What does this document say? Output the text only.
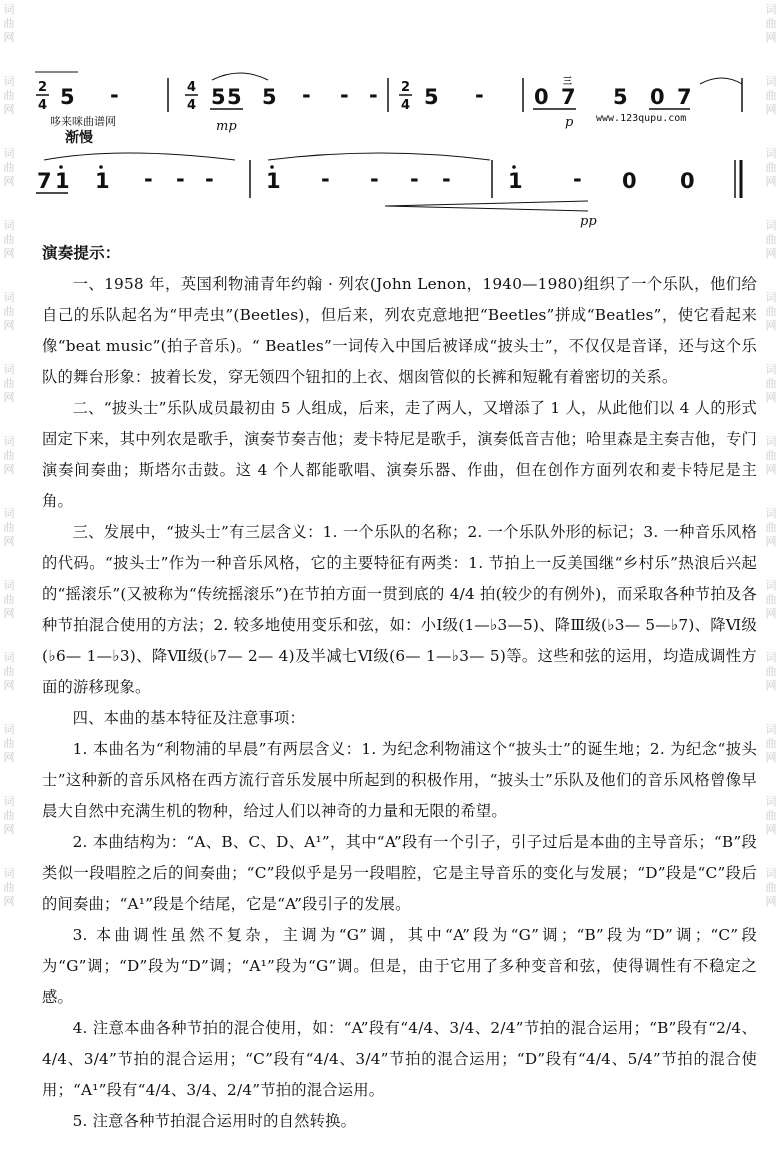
词
曲
网
词
曲
网
词
曲
网
词
曲
网
词
曲
网
词
曲
网
词
曲
网
词
曲
网
词
曲
网
词
曲
网
词
曲
网
词
曲
网
词
曲
网
词
曲
网
词
曲
网
词
曲
网
词
曲
网
词
曲
网
词
曲
网
词
曲
网
词
曲
网
词
曲
网
词
曲
网
词
曲
网
词
曲
网
词
曲
网
2
4 5 -
哆来咪曲谱网
4
4 5 5 5 - - -
mp
2
4 5 - 0
三
7 5 0 7
p www.123qupu.com
渐慢
7 1 1 - - - 1 - - - -	1 - 0 0
pp
演奏提示：

一、1958 年，英国利物浦青年约翰 · 列农(John Lenon，1940—1980)组织了一个乐队，他们给自己的乐队起名为“甲壳虫”(Beetles)，但后来，列农克意地把“Beetles”拼成“Beatles”，使它看起来像“beat music”(拍子音乐)。“ Beatles”一词传入中国后被译成“披头士”，不仅仅是音译，还与这个乐队的舞台形象：披着长发，穿无领四个钮扣的上衣、烟囱管似的长裤和短靴有着密切的关系。

二、“披头士”乐队成员最初由 5 人组成，后来，走了两人，又增添了 1 人，从此他们以 4 人的形式固定下来，其中列农是歌手，演奏节奏吉他；麦卡特尼是歌手，演奏低音吉他；哈里森是主奏吉他，专门演奏间奏曲；斯塔尔击鼓。这 4 个人都能歌唱、演奏乐器、作曲，但在创作方面列农和麦卡特尼是主角。

三、发展中，“披头士”有三层含义：1. 一个乐队的名称；2. 一个乐队外形的标记；3. 一种音乐风格的代码。“披头士”作为一种音乐风格，它的主要特征有两类：1. 节拍上一反美国继“乡村乐”热浪后兴起的“摇滚乐”(又被称为“传统摇滚乐”)在节拍方面一贯到底的 4/4 拍(较少的有例外)，而采取各种节拍及各种节拍混合使用的方法；2. 较多地使用变乐和弦，如：小Ⅰ级(1—♭3—5)、降Ⅲ级(♭3— 5—♭7)、降Ⅵ级(♭6— 1—♭3)、降Ⅶ级(♭7— 2— 4)及半减七Ⅵ级(6— 1—♭3— 5)等。这些和弦的运用，均造成调性方面的游移现象。

四、本曲的基本特征及注意事项：

1. 本曲名为“利物浦的早晨”有两层含义：1. 为纪念利物浦这个“披头士”的诞生地；2. 为纪念“披头士”这种新的音乐风格在西方流行音乐发展中所起到的积极作用，“披头士”乐队及他们的音乐风格曾像早晨大自然中充满生机的物种，给过人们以神奇的力量和无限的希望。

2. 本曲结构为：“A、B、C、D、A¹”，其中“A”段有一个引子，引子过后是本曲的主导音乐；“B”段类似一段唱腔之后的间奏曲；“C”段似乎是另一段唱腔，它是主导音乐的变化与发展；“D”段是“C”段后的间奏曲；“A¹”段是个结尾，它是“A”段引子的发展。

3. 本曲调性虽然不复杂，主调为“G”调，其中“A”段为“G”调；“B”段为“D”调；“C”段为“G”调；“D”段为“D”调；“A¹”段为“G”调。但是，由于它用了多种变音和弦，使得调性有不稳定之感。

4. 注意本曲各种节拍的混合使用，如：“A”段有“4/4、3/4、2/4”节拍的混合运用；“B”段有“2/4、4/4、3/4”节拍的混合运用；“C”段有“4/4、3/4”节拍的混合运用；“D”段有“4/4、5/4”节拍的混合使用；“A¹”段有“4/4、3/4、2/4”节拍的混合运用。

5. 注意各种节拍混合运用时的自然转换。
